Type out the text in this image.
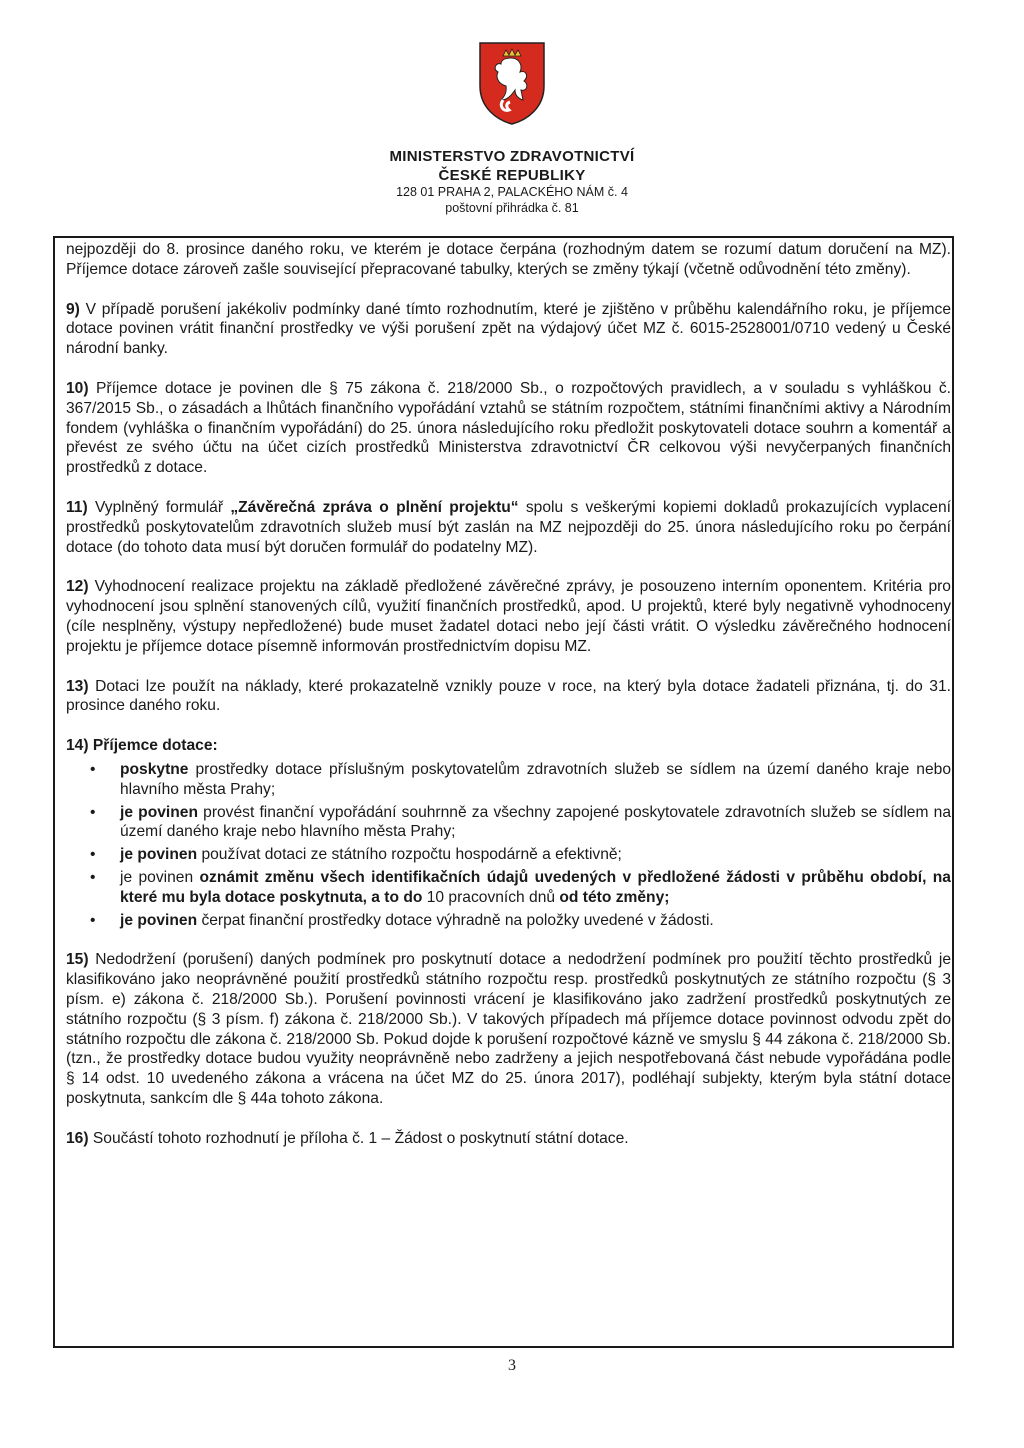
MINISTERSTVO ZDRAVOTNICTVÍ
ČESKÉ REPUBLIKY
128 01 PRAHA 2, PALACKÉHO NÁM č. 4
poštovní přihrádka č. 81

nejpozději do 8. prosince daného roku, ve kterém je dotace čerpána (rozhodným datem se rozumí datum doručení na MZ). Příjemce dotace zároveň zašle související přepracované tabulky, kterých se změny týkají (včetně odůvodnění této změny).

9) V případě porušení jakékoliv podmínky dané tímto rozhodnutím, které je zjištěno v průběhu kalendářního roku, je příjemce dotace povinen vrátit finanční prostředky ve výši porušení zpět na výdajový účet MZ č. 6015-2528001/0710 vedený u České národní banky.

10) Příjemce dotace je povinen dle § 75 zákona č. 218/2000 Sb., o rozpočtových pravidlech, a v souladu s vyhláškou č. 367/2015 Sb., o zásadách a lhůtách finančního vypořádání vztahů se státním rozpočtem, státními finančními aktivy a Národním fondem (vyhláška o finančním vypořádání) do 25. února následujícího roku předložit poskytovateli dotace souhrn a komentář a převést ze svého účtu na účet cizích prostředků Ministerstva zdravotnictví ČR celkovou výši nevyčerpaných finančních prostředků z dotace.

11) Vyplněný formulář „Závěrečná zpráva o plnění projektu“ spolu s veškerými kopiemi dokladů prokazujících vyplacení prostředků poskytovatelům zdravotních služeb musí být zaslán na MZ nejpozději do 25. února následujícího roku po čerpání dotace (do tohoto data musí být doručen formulář do podatelny MZ).

12) Vyhodnocení realizace projektu na základě předložené závěrečné zprávy, je posouzeno interním oponentem. Kritéria pro vyhodnocení jsou splnění stanovených cílů, využití finančních prostředků, apod. U projektů, které byly negativně vyhodnoceny (cíle nesplněny, výstupy nepředložené) bude muset žadatel dotaci nebo její části vrátit. O výsledku závěrečného hodnocení projektu je příjemce dotace písemně informován prostřednictvím dopisu MZ.

13) Dotaci lze použít na náklady, které prokazatelně vznikly pouze v roce, na který byla dotace žadateli přiznána, tj. do 31. prosince daného roku.

14) Příjemce dotace:

• poskytne prostředky dotace příslušným poskytovatelům zdravotních služeb se sídlem na území daného kraje nebo hlavního města Prahy;
• je povinen provést finanční vypořádání souhrnně za všechny zapojené poskytovatele zdravotních služeb se sídlem na území daného kraje nebo hlavního města Prahy;
• je povinen používat dotaci ze státního rozpočtu hospodárně a efektivně;
• je povinen oznámit změnu všech identifikačních údajů uvedených v předložené žádosti v průběhu období, na které mu byla dotace poskytnuta, a to do 10 pracovních dnů od této změny;
• je povinen čerpat finanční prostředky dotace výhradně na položky uvedené v žádosti.

15) Nedodržení (porušení) daných podmínek pro poskytnutí dotace a nedodržení podmínek pro použití těchto prostředků je klasifikováno jako neoprávněné použití prostředků státního rozpočtu resp. prostředků poskytnutých ze státního rozpočtu (§ 3 písm. e) zákona č. 218/2000 Sb.). Porušení povinnosti vrácení je klasifikováno jako zadržení prostředků poskytnutých ze státního rozpočtu (§ 3 písm. f) zákona č. 218/2000 Sb.). V takových případech má příjemce dotace povinnost odvodu zpět do státního rozpočtu dle zákona č. 218/2000 Sb. Pokud dojde k porušení rozpočtové kázně ve smyslu § 44 zákona č. 218/2000 Sb. (tzn., že prostředky dotace budou využity neoprávněně nebo zadrženy a jejich nespotřebovaná část nebude vypořádána podle § 14 odst. 10 uvedeného zákona a vrácena na účet MZ do 25. února 2017), podléhají subjekty, kterým byla státní dotace poskytnuta, sankcím dle § 44a tohoto zákona.

16) Součástí tohoto rozhodnutí je příloha č. 1 – Žádost o poskytnutí státní dotace.

3
